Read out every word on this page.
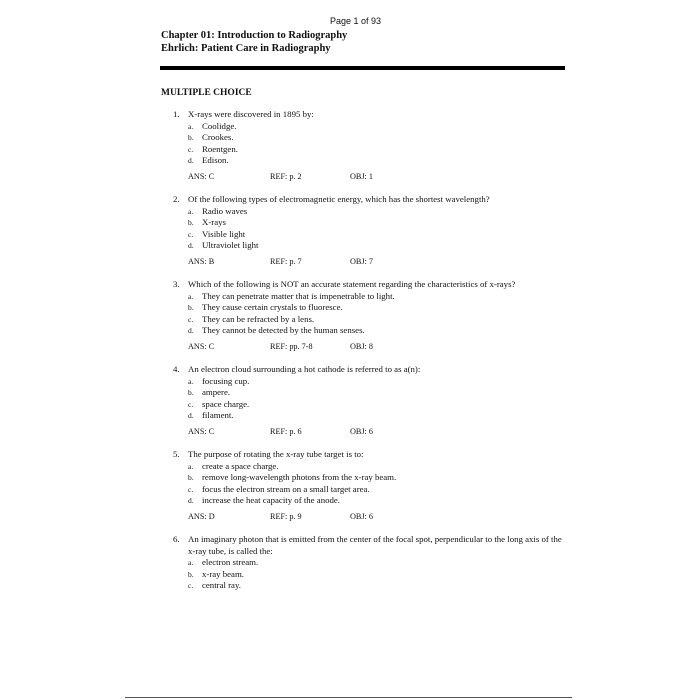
Page 1 of 93
Chapter 01: Introduction to Radiography
Ehrlich: Patient Care in Radiography
MULTIPLE CHOICE
1. X-rays were discovered in 1895 by:
a. Coolidge.
b. Crookes.
c. Roentgen.
d. Edison.
ANS: C	REF: p. 2	OBJ: 1
2. Of the following types of electromagnetic energy, which has the shortest wavelength?
a. Radio waves
b. X-rays
c. Visible light
d. Ultraviolet light
ANS: B	REF: p. 7	OBJ: 7
3. Which of the following is NOT an accurate statement regarding the characteristics of x-rays?
a. They can penetrate matter that is impenetrable to light.
b. They cause certain crystals to fluoresce.
c. They can be refracted by a lens.
d. They cannot be detected by the human senses.
ANS: C	REF: pp. 7-8	OBJ: 8
4. An electron cloud surrounding a hot cathode is referred to as a(n):
a. focusing cup.
b. ampere.
c. space charge.
d. filament.
ANS: C	REF: p. 6	OBJ: 6
5. The purpose of rotating the x-ray tube target is to:
a. create a space charge.
b. remove long-wavelength photons from the x-ray beam.
c. focus the electron stream on a small target area.
d. increase the heat capacity of the anode.
ANS: D	REF: p. 9	OBJ: 6
6. An imaginary photon that is emitted from the center of the focal spot, perpendicular to the long axis of the x-ray tube, is called the:
a. electron stream.
b. x-ray beam.
c. central ray.
